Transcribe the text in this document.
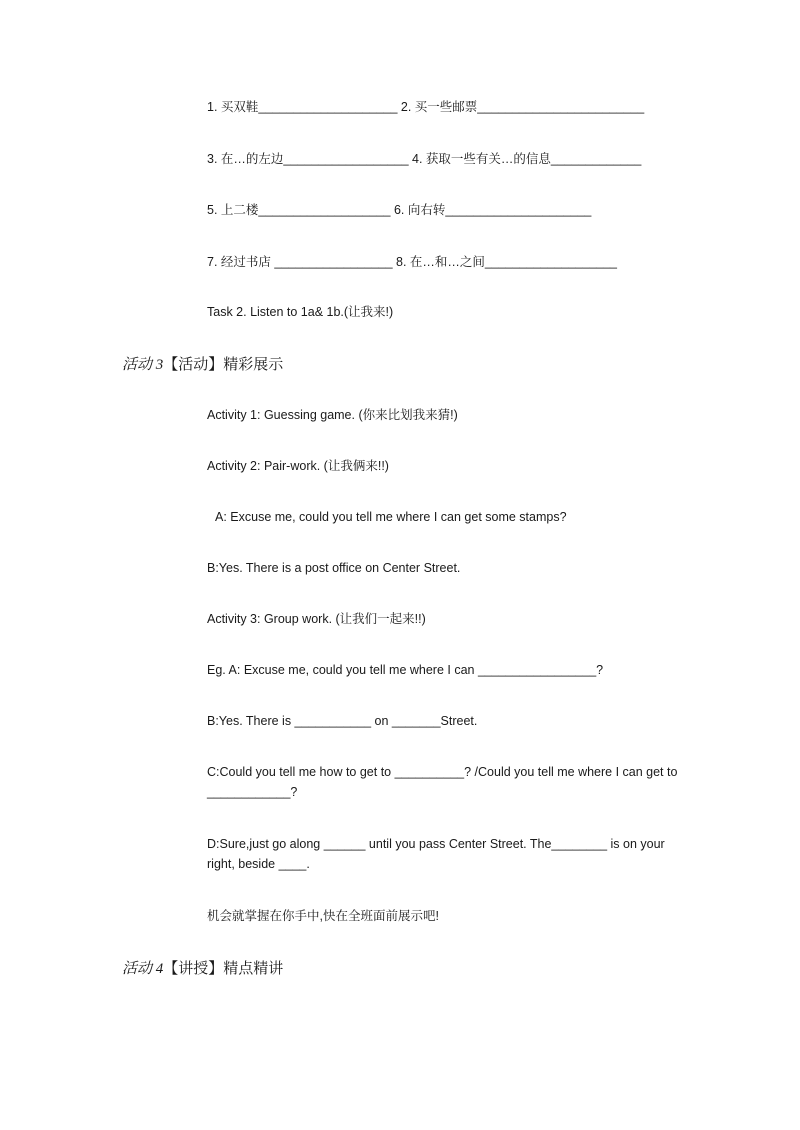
1. 买双鞋____________________ 2. 买一些邮票________________________
3. 在…的左边__________________ 4. 获取一些有关…的信息_____________
5. 上二楼___________________ 6. 向右转_____________________
7. 经过书店 _________________ 8. 在…和…之间___________________
Task 2. Listen to 1a& 1b.(让我来!)
活动 3【活动】精彩展示
Activity 1: Guessing game. (你来比划我来猜!)
Activity 2: Pair-work. (让我俩来!!)
A: Excuse me, could you tell me where I can get some stamps?
B:Yes. There is a post office on Center Street.
Activity 3: Group work. (让我们一起来!!)
Eg. A: Excuse me, could you tell me where I can _________________?
B:Yes. There is ___________ on _______Street.
C:Could you tell me how to get to __________? /Could you tell me where I can get to ____________?
D:Sure,just go along ______ until you pass Center Street. The________ is on your right, beside ____.
机会就掌握在你手中,快在全班面前展示吧!
活动 4【讲授】精点精讲
